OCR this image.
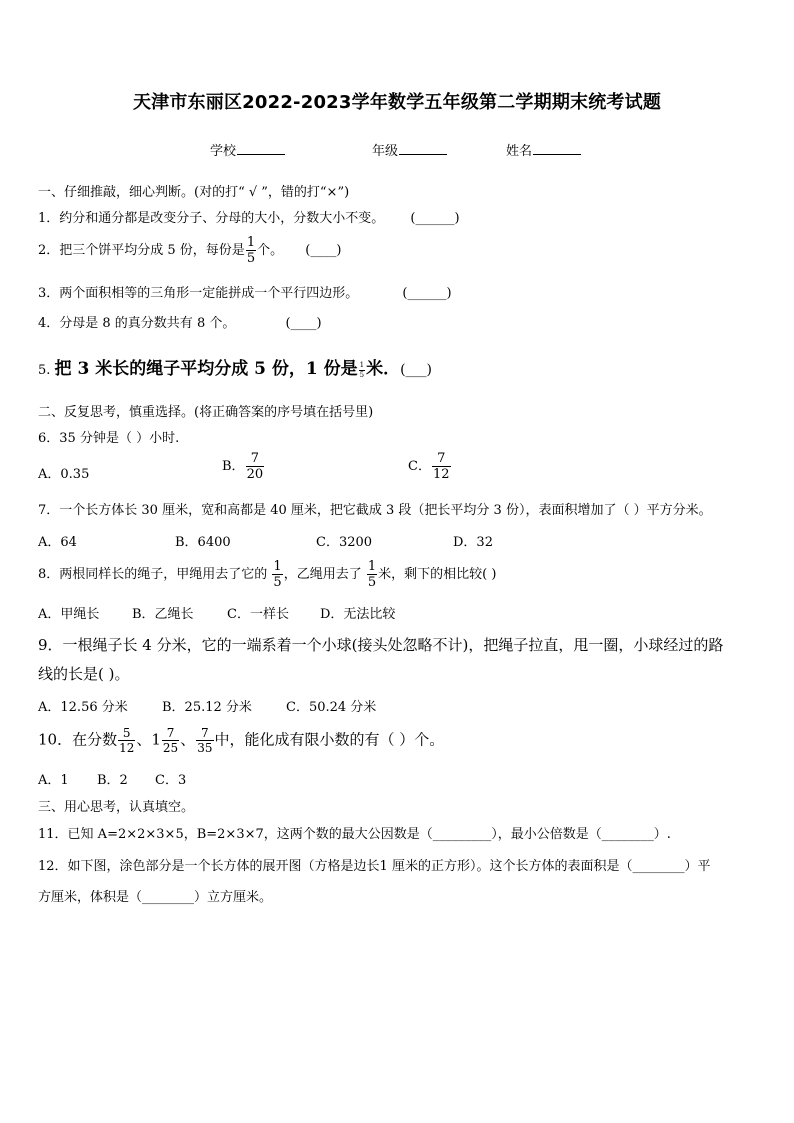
天津市东丽区2022-2023学年数学五年级第二学期期末统考试题
学校	年级	姓名
一、仔细推敲，细心判断。(对的打“ √ ”，错的打“×”)
1．约分和通分都是改变分子、分母的大小，分数大小不变。 (______)
2．把三个饼平均分成 5 份，每份是 $\frac{1}{5}$ 个。 (____)
3．两个面积相等的三角形一定能拼成一个平行四边形。	(______)
4．分母是 8 的真分数共有 8 个。	(____)
5. 把 3 米长的绳子平均分成 5 份，1 份是 $\frac{1}{5}$ 米．(___)
二、反复思考，慎重选择。(将正确答案的序号填在括号里)
6．35 分钟是（ ）小时.
A．0.35
B． $\frac{7}{20}$	C． $\frac{7}{12}$
7．一个长方体长 30 厘米，宽和高都是 40 厘米，把它截成 3 段（把长平均分 3 份），表面积增加了（ ）平方分米。
A．64	B．6400	C．3200	D．32
8．两根同样长的绳子，甲绳用去了它的 $\frac{1}{5}$ ，乙绳用去了 $\frac{1}{5}$ 米，剩下的相比较( )
A．甲绳长	B．乙绳长	C．一样长 D．无法比较
9．一根绳子长 4 分米，它的一端系着一个小球(接头处忽略不计)，把绳子拉直，甩一圈，小球经过的路
线的长是( )。
A．12.56 分米	B．25.12 分米	C．50.24 分米
10．在分数 $\frac{5}{12}$ 、$1 \frac{7}{25}$ 、 $\frac{7}{35}$ 中，能化成有限小数的有（ ）个。
A．1 B．2 C．3
三、用心思考，认真填空。
11．已知 A=2×2×3×5，B=2×3×7，这两个数的最大公因数是（_________），最小公倍数是（________）.
12．如下图，涂色部分是一个长方体的展开图（方格是边长1 厘米的正方形）。这个长方体的表面积是（________）平
方厘米，体积是（________）立方厘米。
